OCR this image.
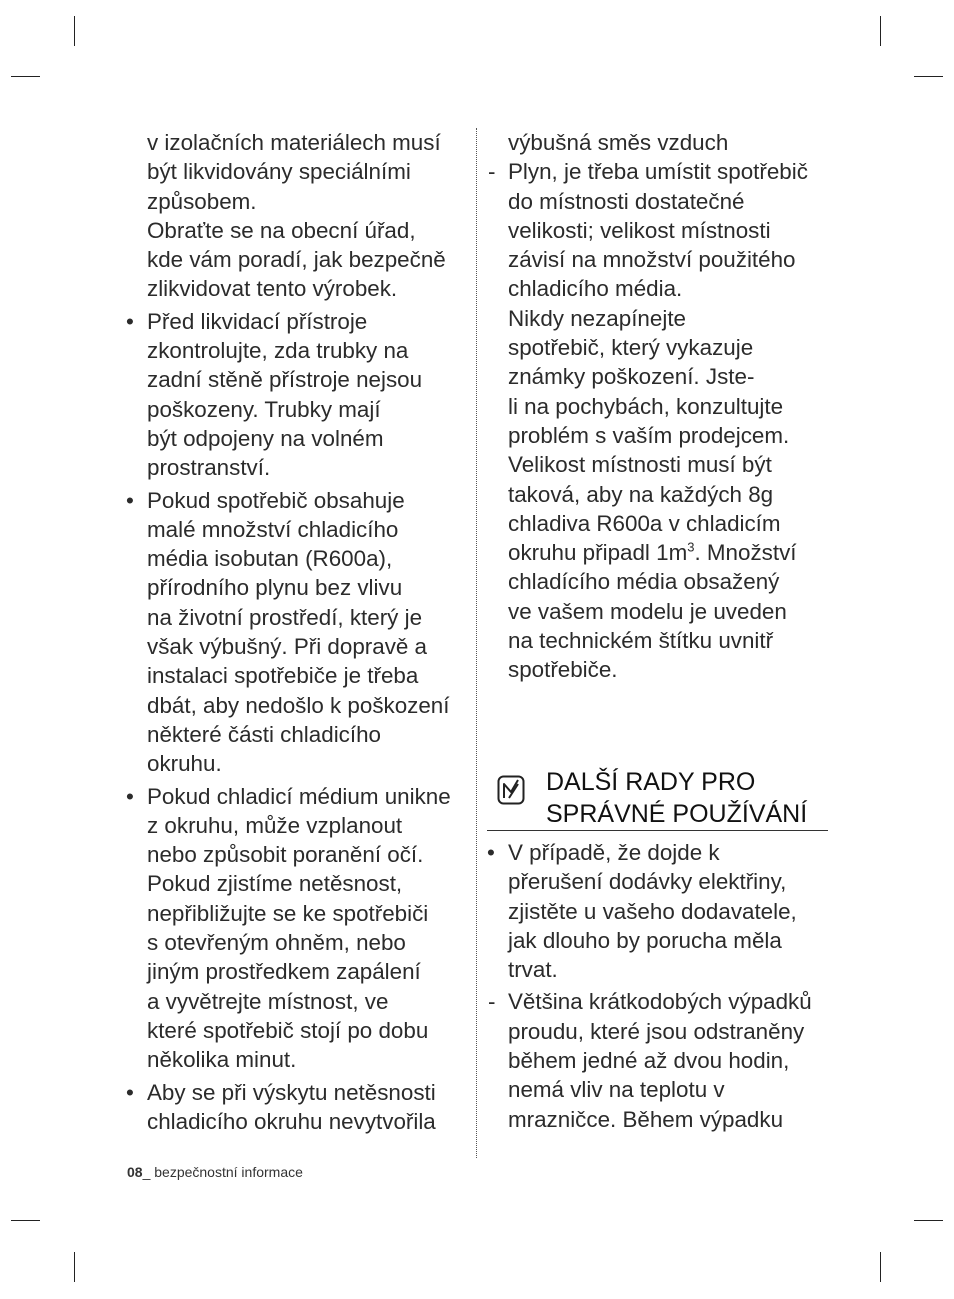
v izolačních materiálech musí
být likvidovány speciálními
způsobem.
Obraťte se na obecní úřad,
kde vám poradí, jak bezpečně
zlikvidovat tento výrobek.
• Před likvidací přístroje
zkontrolujte, zda trubky na
zadní stěně přístroje nejsou
poškozeny. Trubky mají
být odpojeny na volném
prostranství.
• Pokud spotřebič obsahuje
malé množství chladicího
média isobutan (R600a),
přírodního plynu bez vlivu
na životní prostředí, který je
však výbušný. Při dopravě a
instalaci spotřebiče je třeba
dbát, aby nedošlo k poškození
některé části chladicího
okruhu.
• Pokud chladicí médium unikne
z okruhu, může vzplanout
nebo způsobit poranění očí.
Pokud zjistíme netěsnost,
nepřibližujte se ke spotřebiči
s otevřeným ohněm, nebo
jiným prostředkem zapálení
a vyvětrejte místnost, ve
které spotřebič stojí po dobu
několika minut.
• Aby se při výskytu netěsnosti
chladicího okruhu nevytvořila
výbušná směs vzduch
- Plyn, je třeba umístit spotřebič
do místnosti dostatečné
velikosti; velikost místnosti
závisí na množství použitého
chladicího média.
Nikdy nezapínejte
spotřebič, který vykazuje
známky poškození. Jste-
li na pochybách, konzultujte
problém s vaším prodejcem.
Velikost místnosti musí být
taková, aby na každých 8g
chladiva R600a v chladicím
okruhu připadl $1m^3$. Množství
chladícího média obsažený
ve vašem modelu je uveden
na technickém štítku uvnitř
spotřebiče.
DALŠÍ RADY PRO
SPRÁVNÉ POUŽÍVÁNÍ
• V případě, že dojde k
přerušení dodávky elektřiny,
zjistěte u vašeho dodavatele,
jak dlouho by porucha měla
trvat.
- Většina krátkodobých výpadků
proudu, které jsou odstraněny
během jedné až dvou hodin,
nemá vliv na teplotu v
mrazničce. Během výpadku
08_ bezpečnostní informace
